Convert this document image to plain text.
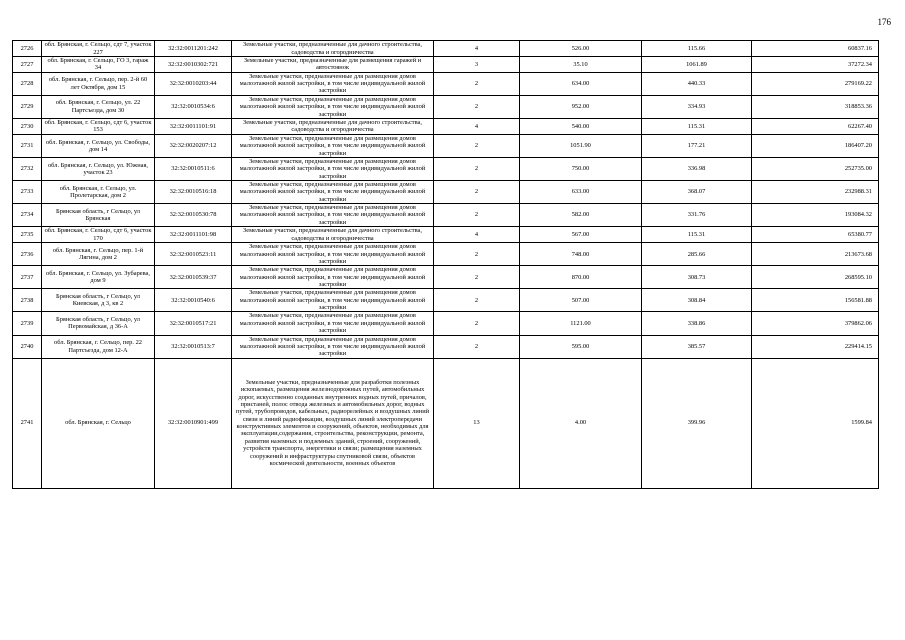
176
2726	обл. Брянская, г. Сельцо, сдт 7, участок 227	32:32:0011201:242	Земельные участки, предназначенные для дачного строительства, садоводства и огородничества	4	526.00	115.66	60837.16
2727	обл. Брянская, г. Сельцо, ГО 3, гараж 34	32:32:0010302:721	Земельные участки, предназначенные для размещения гаражей и автостоянок	3	35.10	1061.89	37272.34
2728	обл. Брянская, г. Сельцо, пер. 2-й 60 лет Октября, дом 15	32:32:0010203:44	Земельные участки, предназначенные для размещения домов малоэтажной жилой застройки, в том числе индивидуальной жилой застройки	2	634.00	440.33	279169.22
2729	обл. Брянская, г. Сельцо, ул. 22 Партсъезда, дом 30	32:32:0010534:6	Земельные участки, предназначенные для размещения домов малоэтажной жилой застройки, в том числе индивидуальной жилой застройки	2	952.00	334.93	318853.36
2730	обл. Брянская, г. Сельцо, сдт 6, участок 153	32:32:0011101:91	Земельные участки, предназначенные для дачного строительства, садоводства и огородничества	4	540.00	115.31	62267.40
2731	обл. Брянская, г. Сельцо, ул. Свободы, дом 14	32:32:0020207:12	Земельные участки, предназначенные для размещения домов малоэтажной жилой застройки, в том числе индивидуальной жилой застройки	2	1051.90	177.21	186407.20
2732	обл. Брянская, г. Сельцо, ул. Южная, участок 23	32:32:0010511:6	Земельные участки, предназначенные для размещения домов малоэтажной жилой застройки, в том числе индивидуальной жилой застройки	2	750.00	336.98	252735.00
2733	обл. Брянская, г. Сельцо, ул. Пролетарская, дом 2	32:32:0010516:18	Земельные участки, предназначенные для размещения домов малоэтажной жилой застройки, в том числе индивидуальной жилой застройки	2	633.00	368.07	232988.31
2734	Брянская область, г Сельцо, ул Брянская	32:32:0010530:78	Земельные участки, предназначенные для размещения домов малоэтажной жилой застройки, в том числе индивидуальной жилой застройки	2	582.00	331.76	193084.32
2735	обл. Брянская, г. Сельцо, сдт 6, участок 170	32:32:0011101:98	Земельные участки, предназначенные для дачного строительства, садоводства и огородничества	4	567.00	115.31	65380.77
2736	обл. Брянская, г. Сельцо, пер. 1-й Лягина, дом 2	32:32:0010523:11	Земельные участки, предназначенные для размещения домов малоэтажной жилой застройки, в том числе индивидуальной жилой застройки	2	748.00	285.66	213673.68
2737	обл. Брянская, г. Сельцо, ул. Зубарева, дом 9	32:32:0010539:37	Земельные участки, предназначенные для размещения домов малоэтажной жилой застройки, в том числе индивидуальной жилой застройки	2	870.00	308.73	268595.10
2738	Брянская область, г Сельцо, ул Киевская, д 3, кв 2	32:32:0010540:6	Земельные участки, предназначенные для размещения домов малоэтажной жилой застройки, в том числе индивидуальной жилой застройки	2	507.00	308.84	156581.88
2739	Брянская область, г Сельцо, ул Первомайская, д 36-А	32:32:0010517:21	Земельные участки, предназначенные для размещения домов малоэтажной жилой застройки, в том числе индивидуальной жилой застройки	2	1121.00	338.86	379862.06
2740	обл. Брянская, г. Сельцо, пер. 22 Партсъезда, дом 12-А	32:32:0010513:7	Земельные участки, предназначенные для размещения домов малоэтажной жилой застройки, в том числе индивидуальной жилой застройки	2	595.00	385.57	229414.15
2741	обл. Брянская, г. Сельцо	32:32:0010901:499	Земельные участки, предназначенные для разработки полезных ископаемых, размещения железнодорожных путей, автомобильных дорог, искусственно созданных внутренних водных путей, причалов, пристаней, полос отвода железных и автомобильных дорог, водных путей, трубопроводов, кабельных, радиорелейных и воздушных линий связи и линий радиофикации, воздушных линий электропередачи конструктивных элементов и сооружений, объектов, необходимых для эксплуатации,содержания, строительства, реконструкции, ремонта, развития наземных и подземных зданий, строений, сооружений, устройств транспорта, энергетики и связи; размещения наземных сооружений и инфраструктуры спутниковой связи, объектов космической деятельности, военных объектов	13	4.00	399.96	1599.84
